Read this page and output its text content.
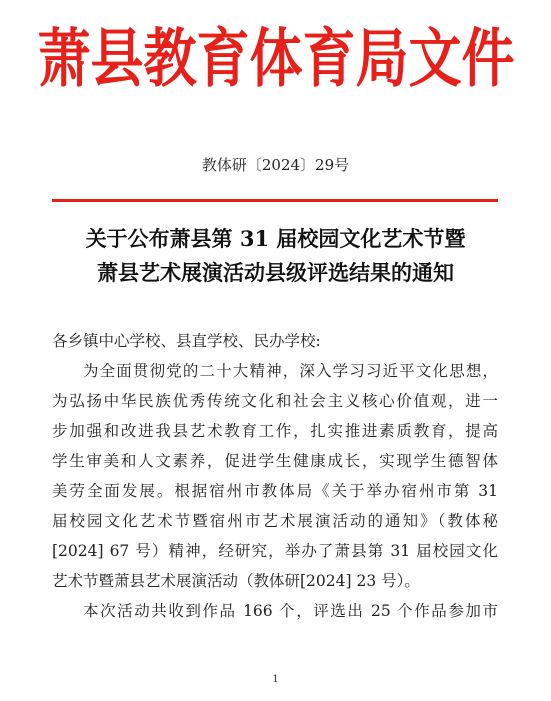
萧县教育体育局文件
教体研〔2024〕29号
关于公布萧县第 31 届校园文化艺术节暨
萧县艺术展演活动县级评选结果的通知

各乡镇中心学校、县直学校、民办学校:

为全面贯彻党的二十大精神，深入学习习近平文化思想，
为弘扬中华民族优秀传统文化和社会主义核心价值观，进一
步加强和改进我县艺术教育工作，扎实推进素质教育，提高
学生审美和人文素养，促进学生健康成长，实现学生德智体
美劳全面发展。根据宿州市教体局《关于举办宿州市第 31
届校园文化艺术节暨宿州市艺术展演活动的通知》（教体秘
[2024] 67 号）精神，经研究，举办了萧县第 31 届校园文化
艺术节暨萧县艺术展演活动（教体研[2024] 23 号）。

本次活动共收到作品 166 个，评选出 25 个作品参加市

1
